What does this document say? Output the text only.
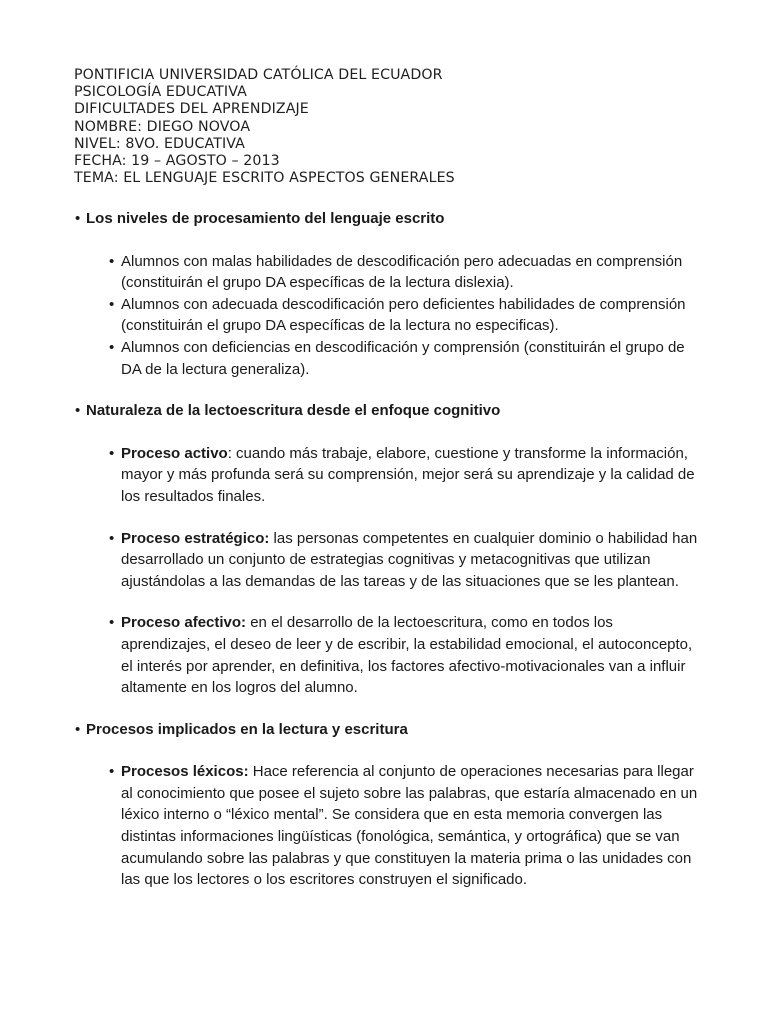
PONTIFICIA UNIVERSIDAD CATÓLICA DEL ECUADOR
PSICOLOGÍA EDUCATIVA
DIFICULTADES DEL APRENDIZAJE
NOMBRE: DIEGO NOVOA
NIVEL: 8VO. EDUCATIVA
FECHA: 19 – AGOSTO – 2013
TEMA: EL LENGUAJE ESCRITO ASPECTOS GENERALES
• Los niveles de procesamiento del lenguaje escrito
• Alumnos con malas habilidades de descodificación pero adecuadas en comprensión (constituirán el grupo DA específicas de la lectura dislexia).
• Alumnos con adecuada descodificación pero deficientes habilidades de comprensión (constituirán el grupo DA específicas de la lectura no especificas).
• Alumnos con deficiencias en descodificación y comprensión (constituirán el grupo de DA de la lectura generaliza).
• Naturaleza de la lectoescritura desde el enfoque cognitivo
• Proceso activo: cuando más trabaje, elabore, cuestione y transforme la información, mayor y más profunda será su comprensión, mejor será su aprendizaje y la calidad de los resultados finales.
• Proceso estratégico: las personas competentes en cualquier dominio o habilidad han desarrollado un conjunto de estrategias cognitivas y metacognitivas que utilizan ajustándolas a las demandas de las tareas y de las situaciones que se les plantean.
• Proceso afectivo: en el desarrollo de la lectoescritura, como en todos los aprendizajes, el deseo de leer y de escribir, la estabilidad emocional, el autoconcepto, el interés por aprender, en definitiva, los factores afectivo-motivacionales van a influir altamente en los logros del alumno.
• Procesos implicados en la lectura y escritura
• Procesos léxicos: Hace referencia al conjunto de operaciones necesarias para llegar al conocimiento que posee el sujeto sobre las palabras, que estaría almacenado en un léxico interno o “léxico mental”. Se considera que en esta memoria convergen las distintas informaciones lingüísticas (fonológica, semántica, y ortográfica) que se van acumulando sobre las palabras y que constituyen la materia prima o las unidades con las que los lectores o los escritores construyen el significado.
